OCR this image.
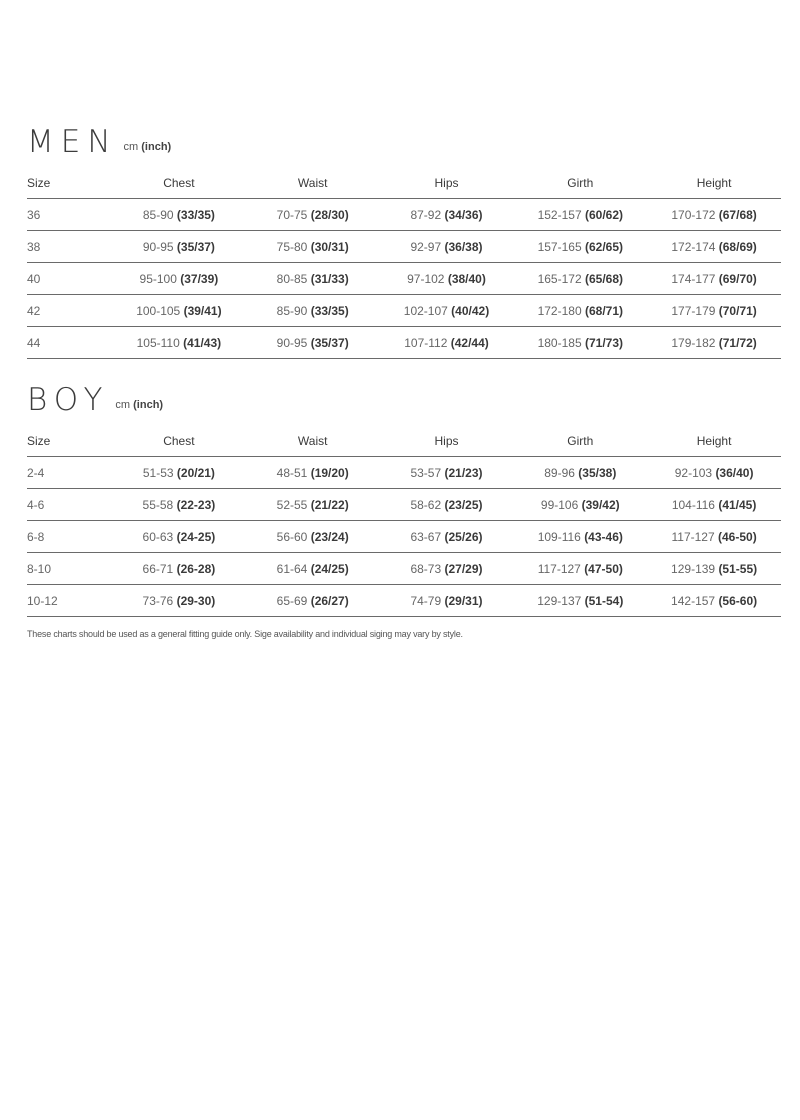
MEN cm (inch)
Size	Chest	Waist	Hips	Girth	Height
36	85-90 (33/35)	70-75 (28/30)	87-92 (34/36)	152-157 (60/62)	170-172 (67/68)
38	90-95 (35/37)	75-80 (30/31)	92-97 (36/38)	157-165 (62/65)	172-174 (68/69)
40	95-100 (37/39)	80-85 (31/33)	97-102 (38/40)	165-172 (65/68)	174-177 (69/70)
42	100-105 (39/41)	85-90 (33/35)	102-107 (40/42)	172-180 (68/71)	177-179 (70/71)
44	105-110 (41/43)	90-95 (35/37)	107-112 (42/44)	180-185 (71/73)	179-182 (71/72)
BOY cm (inch)
Size	Chest	Waist	Hips	Girth	Height
2-4	51-53 (20/21)	48-51 (19/20)	53-57 (21/23)	89-96 (35/38)	92-103 (36/40)
4-6	55-58 (22-23)	52-55 (21/22)	58-62 (23/25)	99-106 (39/42)	104-116 (41/45)
6-8	60-63 (24-25)	56-60 (23/24)	63-67 (25/26)	109-116 (43-46)	117-127 (46-50)
8-10	66-71 (26-28)	61-64 (24/25)	68-73 (27/29)	117-127 (47-50)	129-139 (51-55)
10-12	73-76 (29-30)	65-69 (26/27)	74-79 (29/31)	129-137 (51-54)	142-157 (56-60)
These charts should be used as a general fitting guide only. Sige availability and individual siging may vary by style.
